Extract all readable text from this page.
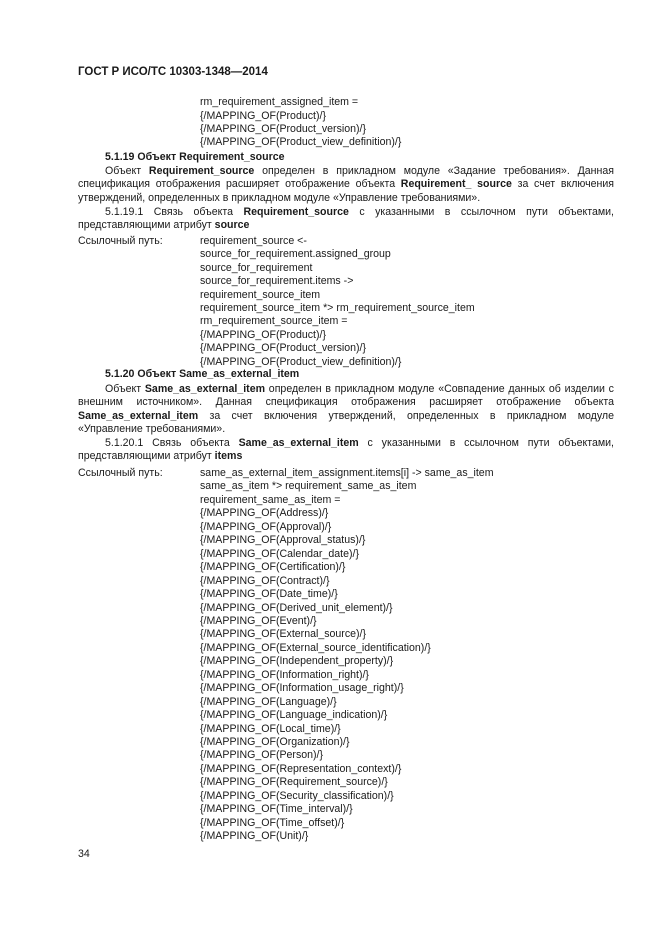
ГОСТ Р ИСО/ТС 10303-1348—2014
rm_requirement_assigned_item =
{/MAPPING_OF(Product)/}
{/MAPPING_OF(Product_version)/}
{/MAPPING_OF(Product_view_definition)/}
5.1.19 Объект Requirement_source
Объект Requirement_source определен в прикладном модуле «Задание требования». Данная спецификация отображения расширяет отображение объекта Requirement_ source за счет включения утверждений, определенных в прикладном модуле «Управление требованиями».
5.1.19.1 Связь объекта Requirement_source с указанными в ссылочном пути объектами, представляющими атрибут source
Ссылочный путь:	requirement_source <-
source_for_requirement.assigned_group
source_for_requirement
source_for_requirement.items ->
requirement_source_item
requirement_source_item *> rm_requirement_source_item
rm_requirement_source_item =
{/MAPPING_OF(Product)/}
{/MAPPING_OF(Product_version)/}
{/MAPPING_OF(Product_view_definition)/}
5.1.20 Объект Same_as_external_item
Объект Same_as_external_item определен в прикладном модуле «Совпадение данных об изделии с внешним источником». Данная спецификация отображения расширяет отображение объекта Same_as_external_item за счет включения утверждений, определенных в прикладном модуле «Управление требованиями».
5.1.20.1 Связь объекта Same_as_external_item с указанными в ссылочном пути объектами, представляющими атрибут items
Ссылочный путь:	same_as_external_item_assignment.items[i] -> same_as_item
same_as_item *> requirement_same_as_item
requirement_same_as_item =
{/MAPPING_OF(Address)/}
{/MAPPING_OF(Approval)/}
{/MAPPING_OF(Approval_status)/}
{/MAPPING_OF(Calendar_date)/}
{/MAPPING_OF(Certification)/}
{/MAPPING_OF(Contract)/}
{/MAPPING_OF(Date_time)/}
{/MAPPING_OF(Derived_unit_element)/}
{/MAPPING_OF(Event)/}
{/MAPPING_OF(External_source)/}
{/MAPPING_OF(External_source_identification)/}
{/MAPPING_OF(Independent_property)/}
{/MAPPING_OF(Information_right)/}
{/MAPPING_OF(Information_usage_right)/}
{/MAPPING_OF(Language)/}
{/MAPPING_OF(Language_indication)/}
{/MAPPING_OF(Local_time)/}
{/MAPPING_OF(Organization)/}
{/MAPPING_OF(Person)/}
{/MAPPING_OF(Representation_context)/}
{/MAPPING_OF(Requirement_source)/}
{/MAPPING_OF(Security_classification)/}
{/MAPPING_OF(Time_interval)/}
{/MAPPING_OF(Time_offset)/}
{/MAPPING_OF(Unit)/}
34
